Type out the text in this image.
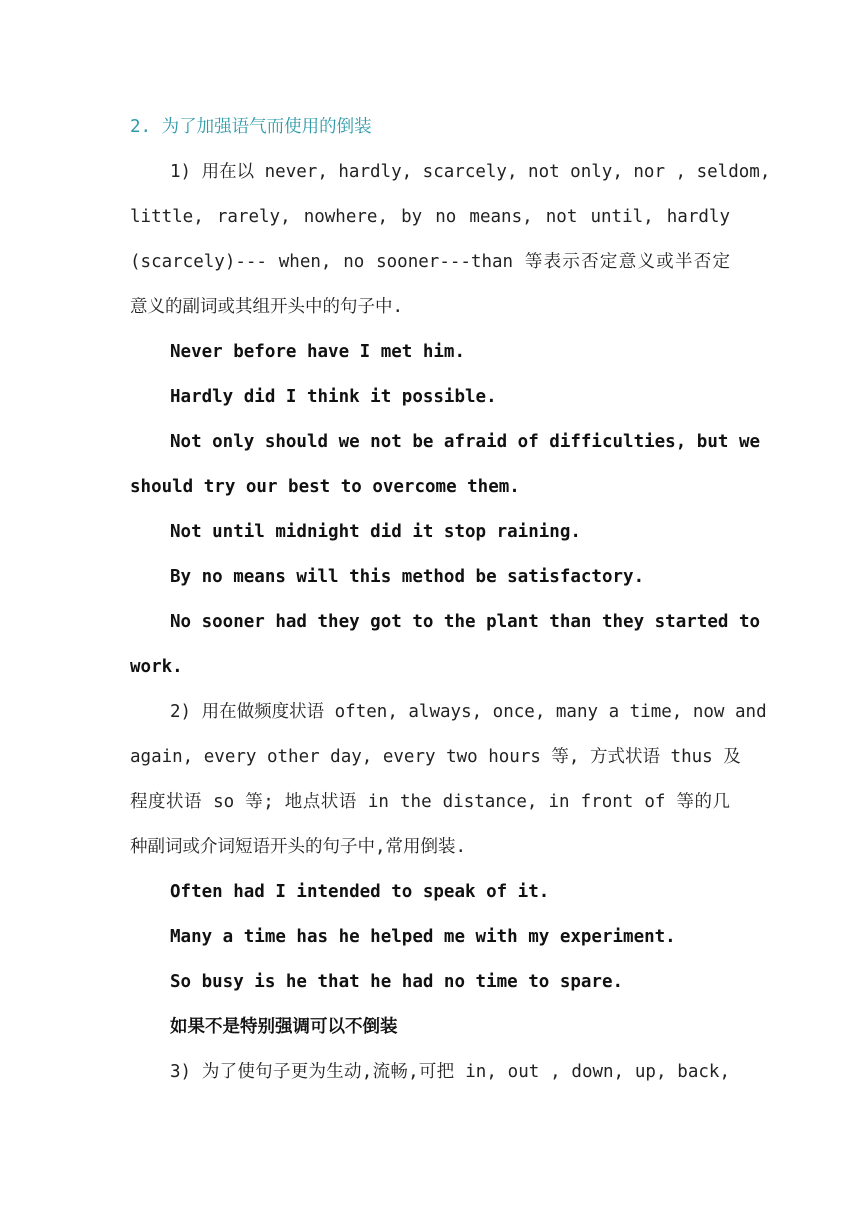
2. 为了加强语气而使用的倒装
1) 用在以 never, hardly, scarcely, not only, nor , seldom,
little, rarely, nowhere, by no means, not until, hardly
(scarcely)--- when, no sooner---than 等表示否定意义或半否定
意义的副词或其组开头中的句子中.
Never before have I met him.
Hardly did I think it possible.
Not only should we not be afraid of difficulties, but we
should try our best to overcome them.
Not until midnight did it stop raining.
By no means will this method be satisfactory.
No sooner had they got to the plant than they started to
work.
2) 用在做频度状语 often, always, once, many a time, now and
again, every other day, every two hours 等, 方式状语 thus 及
程度状语 so 等; 地点状语 in the distance, in front of 等的几
种副词或介词短语开头的句子中,常用倒装.
Often had I intended to speak of it.
Many a time has he helped me with my experiment.
So busy is he that he had no time to spare.
如果不是特别强调可以不倒装
3) 为了使句子更为生动,流畅,可把 in, out , down, up, back,
